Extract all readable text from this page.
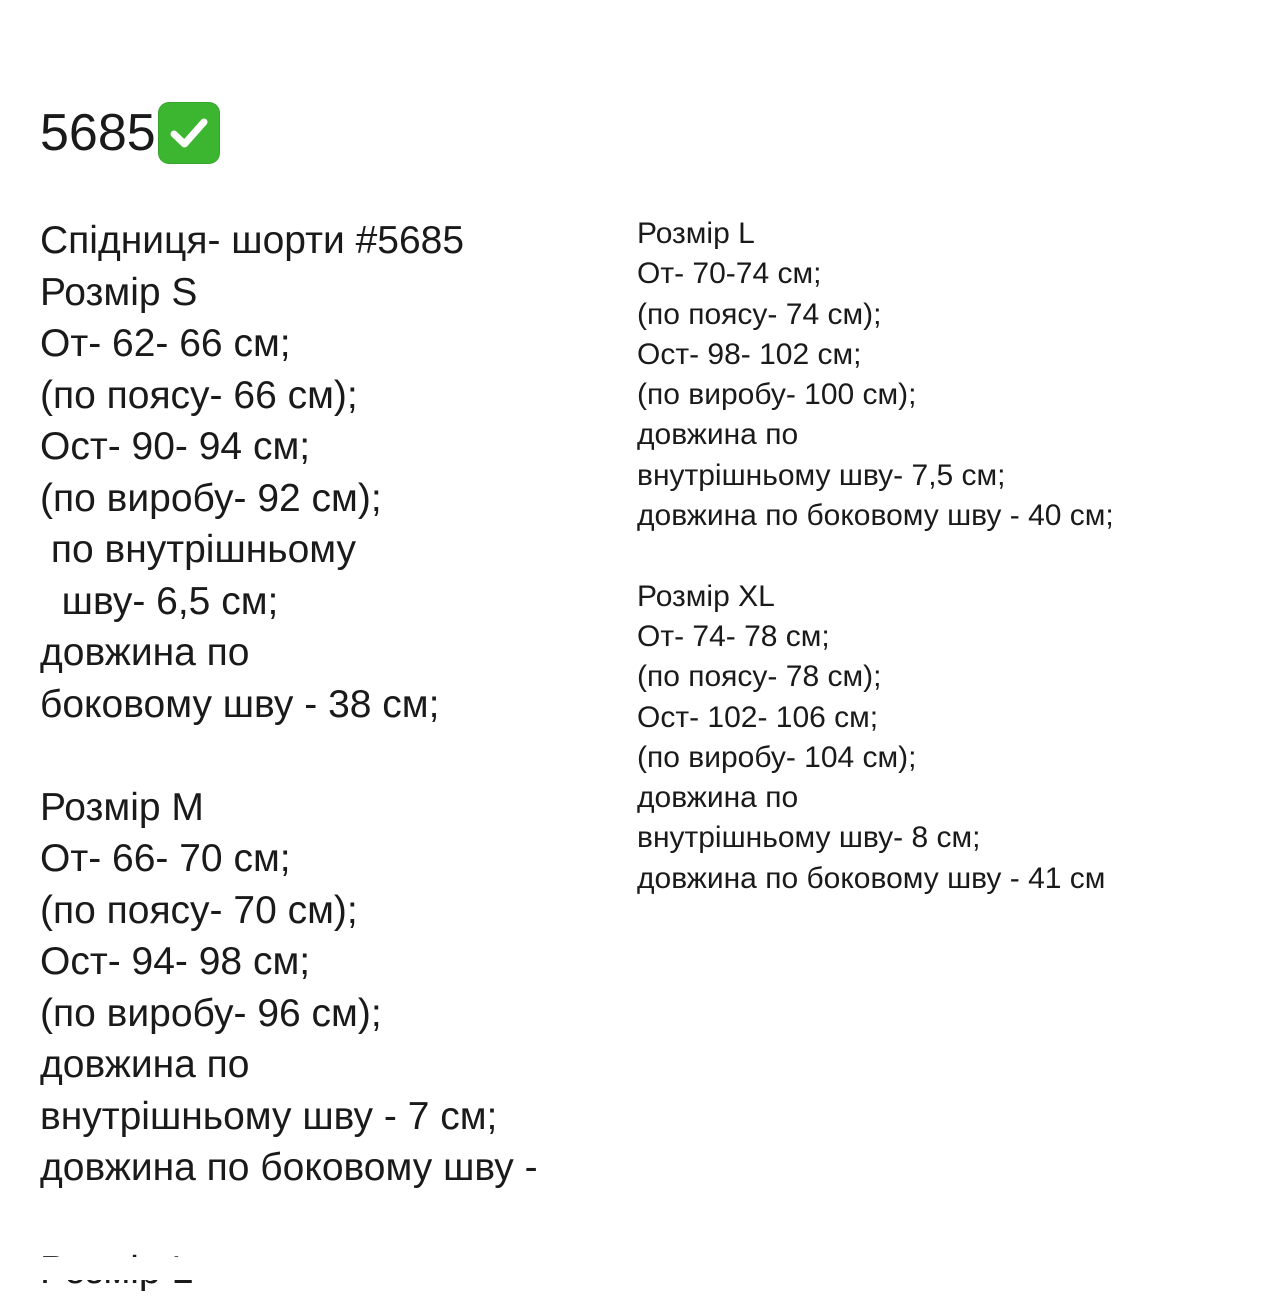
5685
Спідниця- шорти #5685
Розмір S
От- 62- 66 см;
(по поясу- 66 см);
Ост- 90- 94 см;
(по виробу- 92 см);
по внутрішньому
шву- 6,5 см;
довжина по
боковому шву - 38 см;
Розмір M
От- 66- 70 см;
(по поясу- 70 см);
Ост- 94- 98 см;
(по виробу- 96 см);
довжина по
внутрішньому шву - 7 см;
довжина по боковому шву -
Розмір L
От- 70-74 см;
(по поясу- 74 см);
Ост- 98- 102 см;
(по виробу- 100 см);
довжина по
внутрішньому шву- 7,5 см;
довжина по боковому шву - 40 см;
Розмір XL
От- 74- 78 см;
(по поясу- 78 см);
Ост- 102- 106 см;
(по виробу- 104 см);
довжина по
внутрішньому шву- 8 см;
довжина по боковому шву - 41 см
